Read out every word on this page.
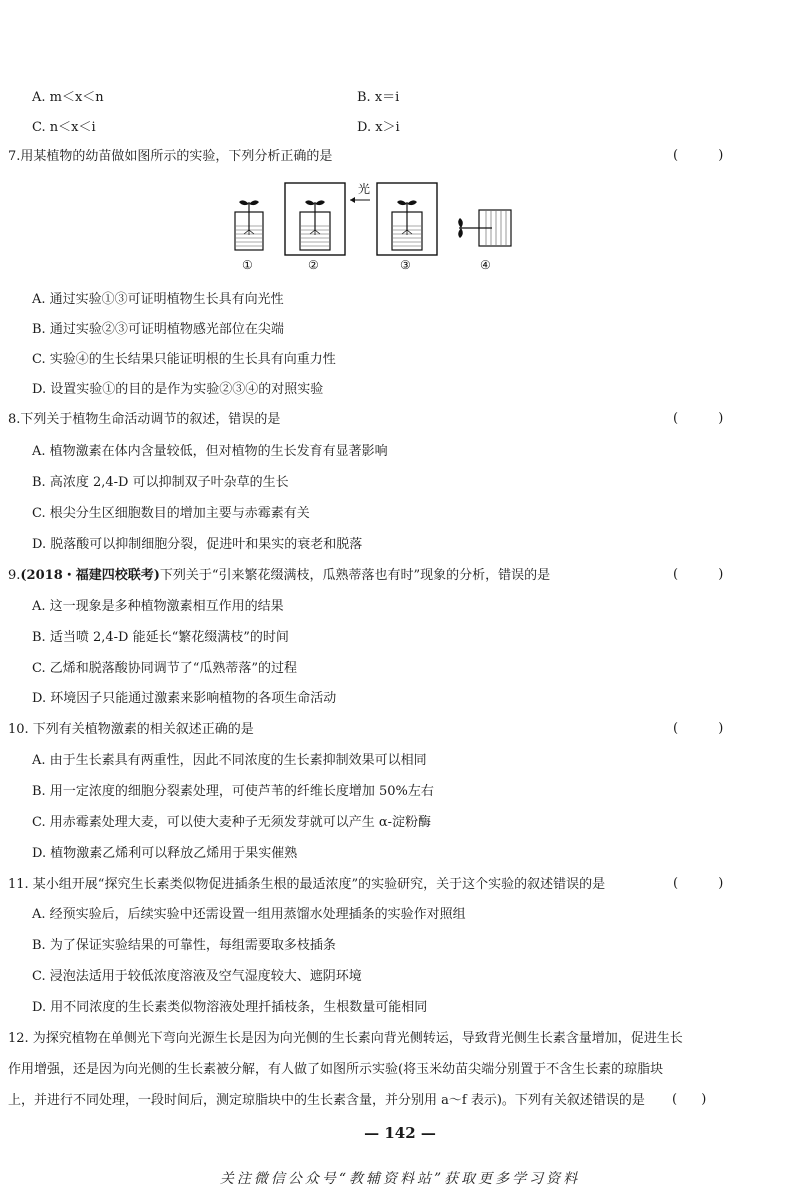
A. m＜x＜n	B. x＝i
C. n＜x＜i	D. x＞i
7.用某植物的幼苗做如图所示的实验，下列分析正确的是	( )
①	②
光
③	④
A. 通过实验①③可证明植物生长具有向光性
B. 通过实验②③可证明植物感光部位在尖端
C. 实验④的生长结果只能证明根的生长具有向重力性
D. 设置实验①的目的是作为实验②③④的对照实验
8.下列关于植物生命活动调节的叙述，错误的是	( )
A. 植物激素在体内含量较低，但对植物的生长发育有显著影响
B. 高浓度 2,4-D 可以抑制双子叶杂草的生长
C. 根尖分生区细胞数目的增加主要与赤霉素有关
D. 脱落酸可以抑制细胞分裂，促进叶和果实的衰老和脱落
9.(2018・福建四校联考)下列关于“引来繁花缀满枝，瓜熟蒂落也有时”现象的分析，错误的是	( )
A. 这一现象是多种植物激素相互作用的结果
B. 适当喷 2,4-D 能延长“繁花缀满枝”的时间
C. 乙烯和脱落酸协同调节了“瓜熟蒂落”的过程
D. 环境因子只能通过激素来影响植物的各项生命活动
10. 下列有关植物激素的相关叙述正确的是	( )
A. 由于生长素具有两重性，因此不同浓度的生长素抑制效果可以相同
B. 用一定浓度的细胞分裂素处理，可使芦苇的纤维长度增加 50%左右
C. 用赤霉素处理大麦，可以使大麦种子无须发芽就可以产生 α-淀粉酶
D. 植物激素乙烯利可以释放乙烯用于果实催熟
11. 某小组开展“探究生长素类似物促进插条生根的最适浓度”的实验研究，关于这个实验的叙述错误的是	( )
A. 经预实验后，后续实验中还需设置一组用蒸馏水处理插条的实验作对照组
B. 为了保证实验结果的可靠性，每组需要取多枝插条
C. 浸泡法适用于较低浓度溶液及空气湿度较大、遮阴环境
D. 用不同浓度的生长素类似物溶液处理扦插枝条，生根数量可能相同
12. 为探究植物在单侧光下弯向光源生长是因为向光侧的生长素向背光侧转运，导致背光侧生长素含量增加，促进生长
作用增强，还是因为向光侧的生长素被分解，有人做了如图所示实验(将玉米幼苗尖端分别置于不含生长素的琼脂块
上，并进行不同处理，一段时间后，测定琼脂块中的生长素含量，并分别用 a～f 表示)。下列有关叙述错误的是 ( )
— 142 —
关注微信公众号“教辅资料站”获取更多学习资料
